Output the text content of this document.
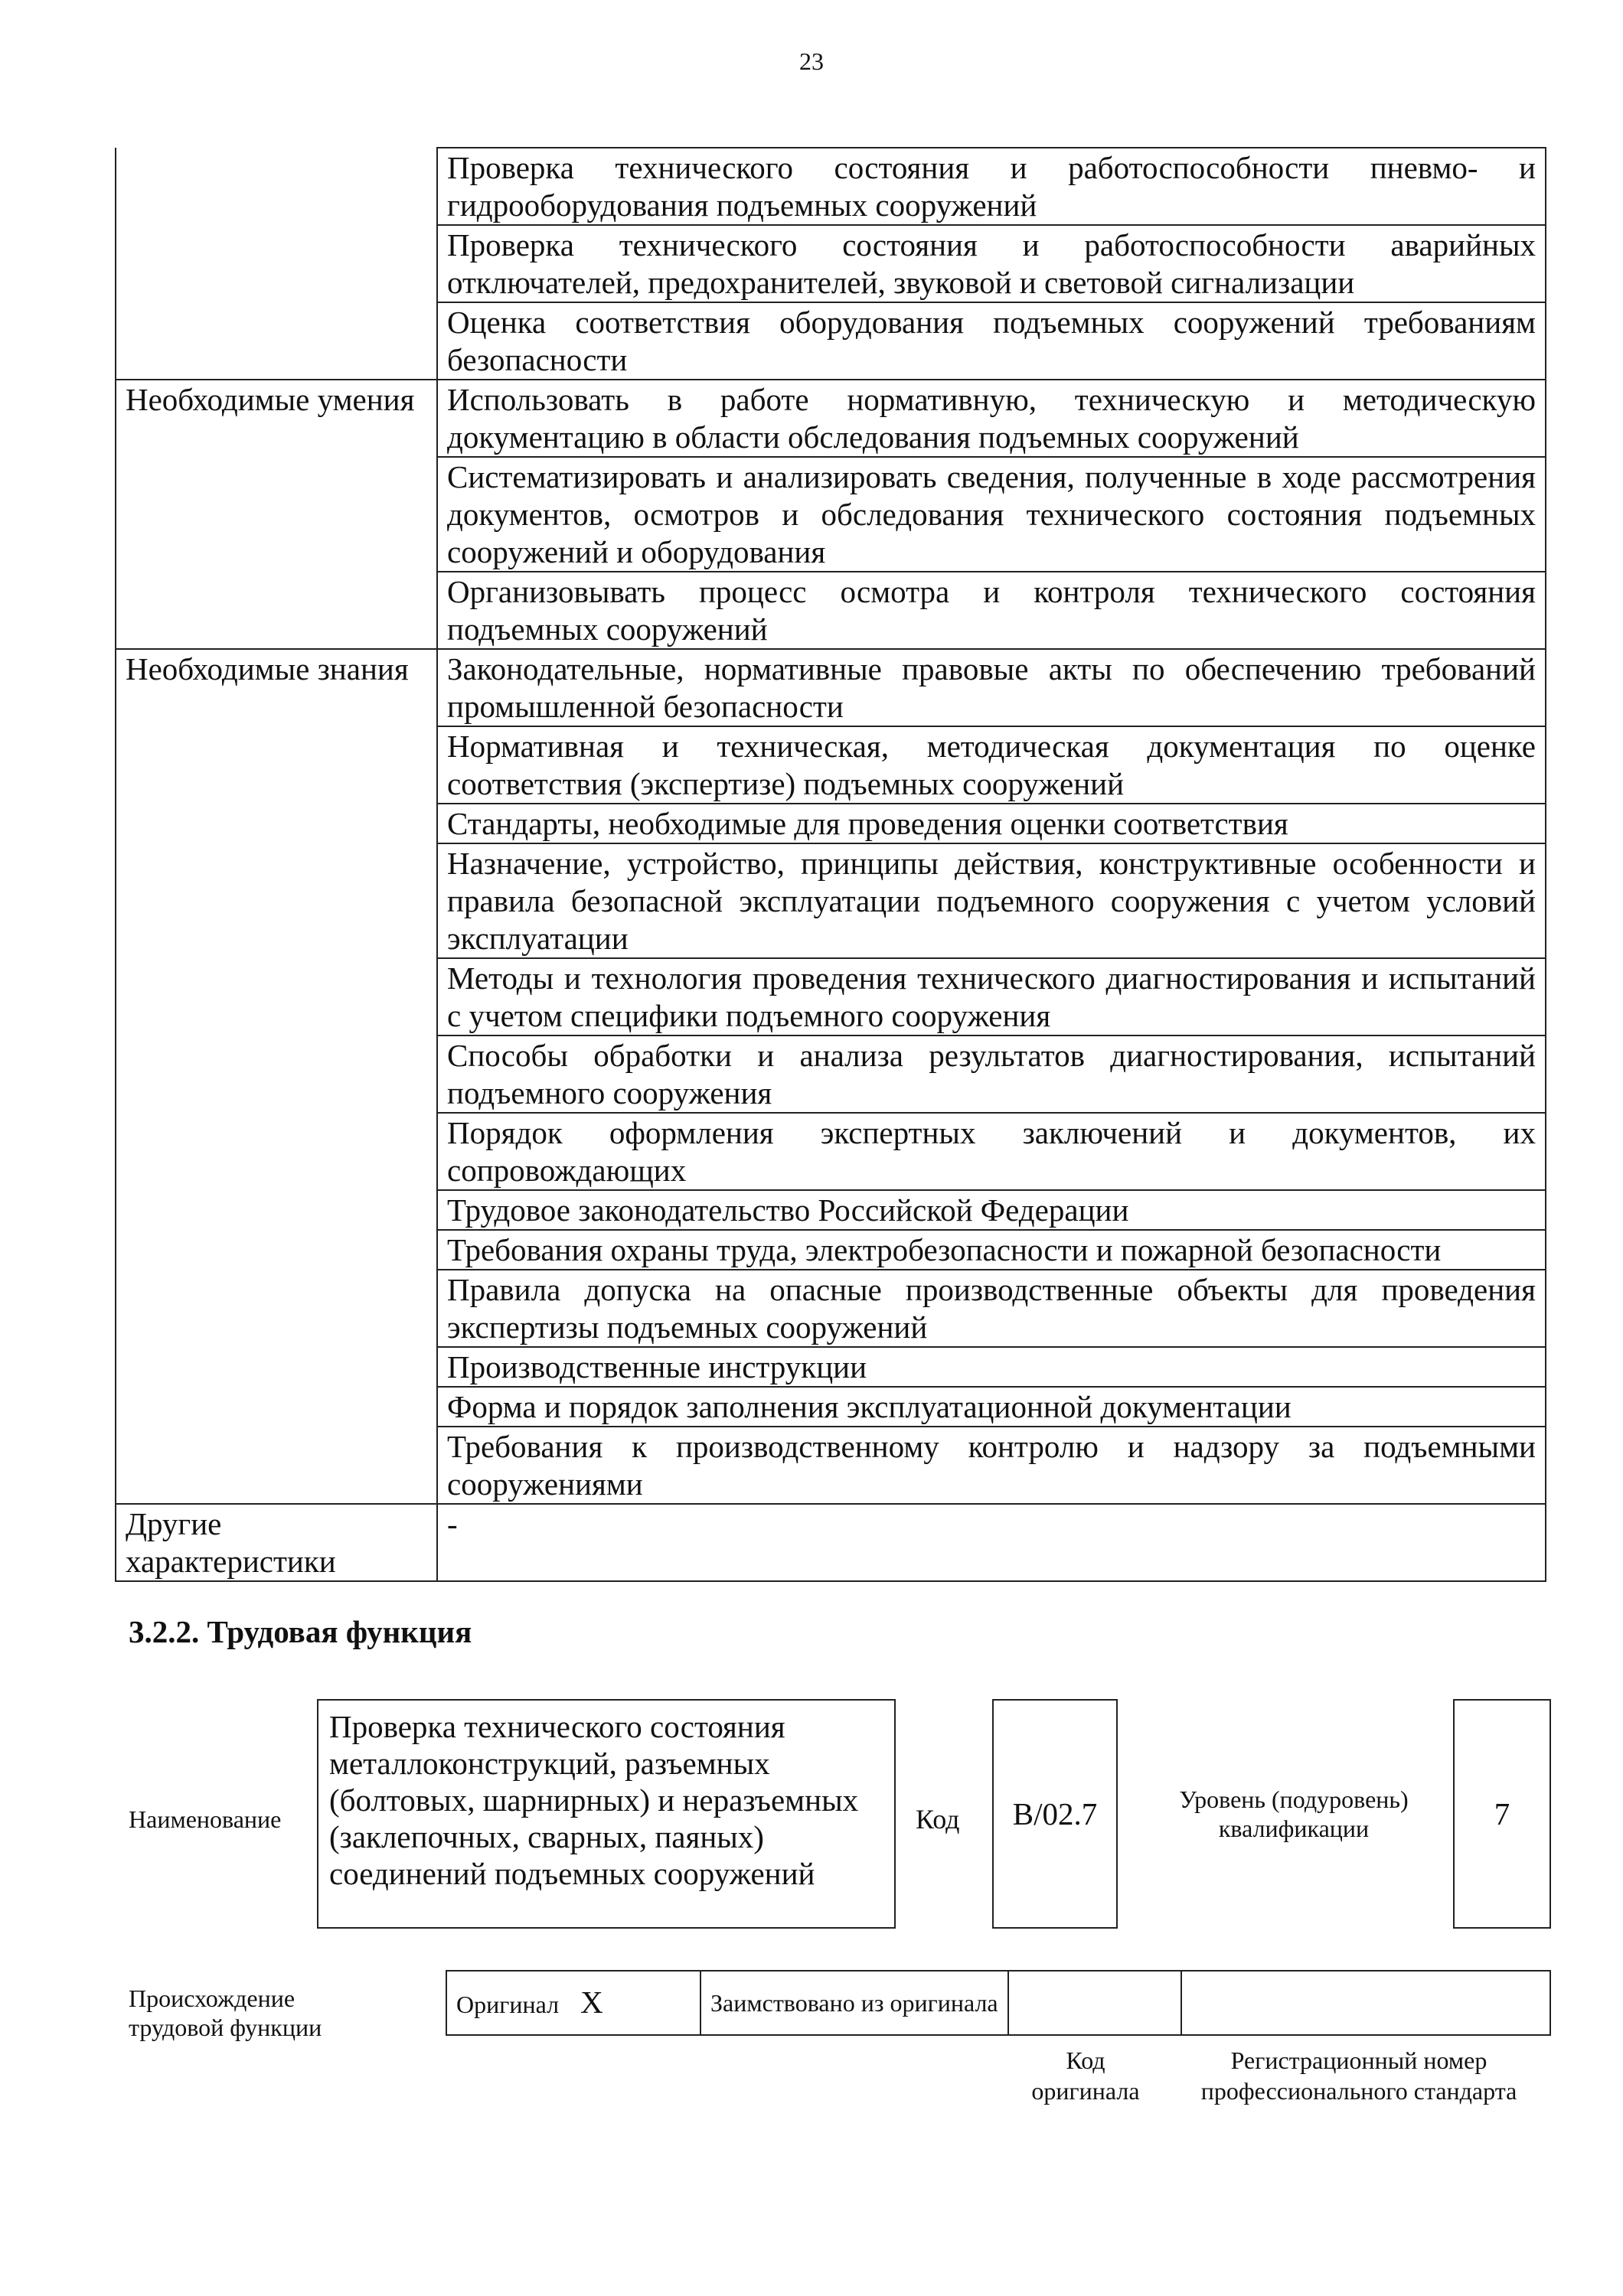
23
	Проверка технического состояния и работоспособности пневмо- и гидрооборудования подъемных сооружений
	Проверка технического состояния и работоспособности аварийных отключателей, предохранителей, звуковой и световой сигнализации
	Оценка соответствия оборудования подъемных сооружений требованиям безопасности
Необходимые умения	Использовать в работе нормативную, техническую и методическую документацию в области обследования подъемных сооружений
	Систематизировать и анализировать сведения, полученные в ходе рассмотрения документов, осмотров и обследования технического состояния подъемных сооружений и оборудования
	Организовывать процесс осмотра и контроля технического состояния подъемных сооружений
Необходимые знания	Законодательные, нормативные правовые акты по обеспечению требований промышленной безопасности
	Нормативная и техническая, методическая документация по оценке соответствия (экспертизе) подъемных сооружений
	Стандарты, необходимые для проведения оценки соответствия
	Назначение, устройство, принципы действия, конструктивные особенности и правила безопасной эксплуатации подъемного сооружения с учетом условий эксплуатации
	Методы и технология проведения технического диагностирования и испытаний с учетом специфики подъемного сооружения
	Способы обработки и анализа результатов диагностирования, испытаний подъемного сооружения
	Порядок оформления экспертных заключений и документов, их сопровождающих
	Трудовое законодательство Российской Федерации
	Требования охраны труда, электробезопасности и пожарной безопасности
	Правила допуска на опасные производственные объекты для проведения экспертизы подъемных сооружений
	Производственные инструкции
	Форма и порядок заполнения эксплуатационной документации
	Требования к производственному контролю и надзору за подъемными сооружениями
Другие характеристики	-
3.2.2. Трудовая функция
Наименование
Проверка технического состояния металлоконструкций, разъемных (болтовых, шарнирных) и неразъемных (заклепочных, сварных, паяных) соединений подъемных сооружений
Код	B/02.7	Уровень (подуровень) квалификации	7
Происхождение трудовой функции
Оригинал X	Заимствовано из оригинала		
Код оригинала
Регистрационный номер профессионального стандарта
